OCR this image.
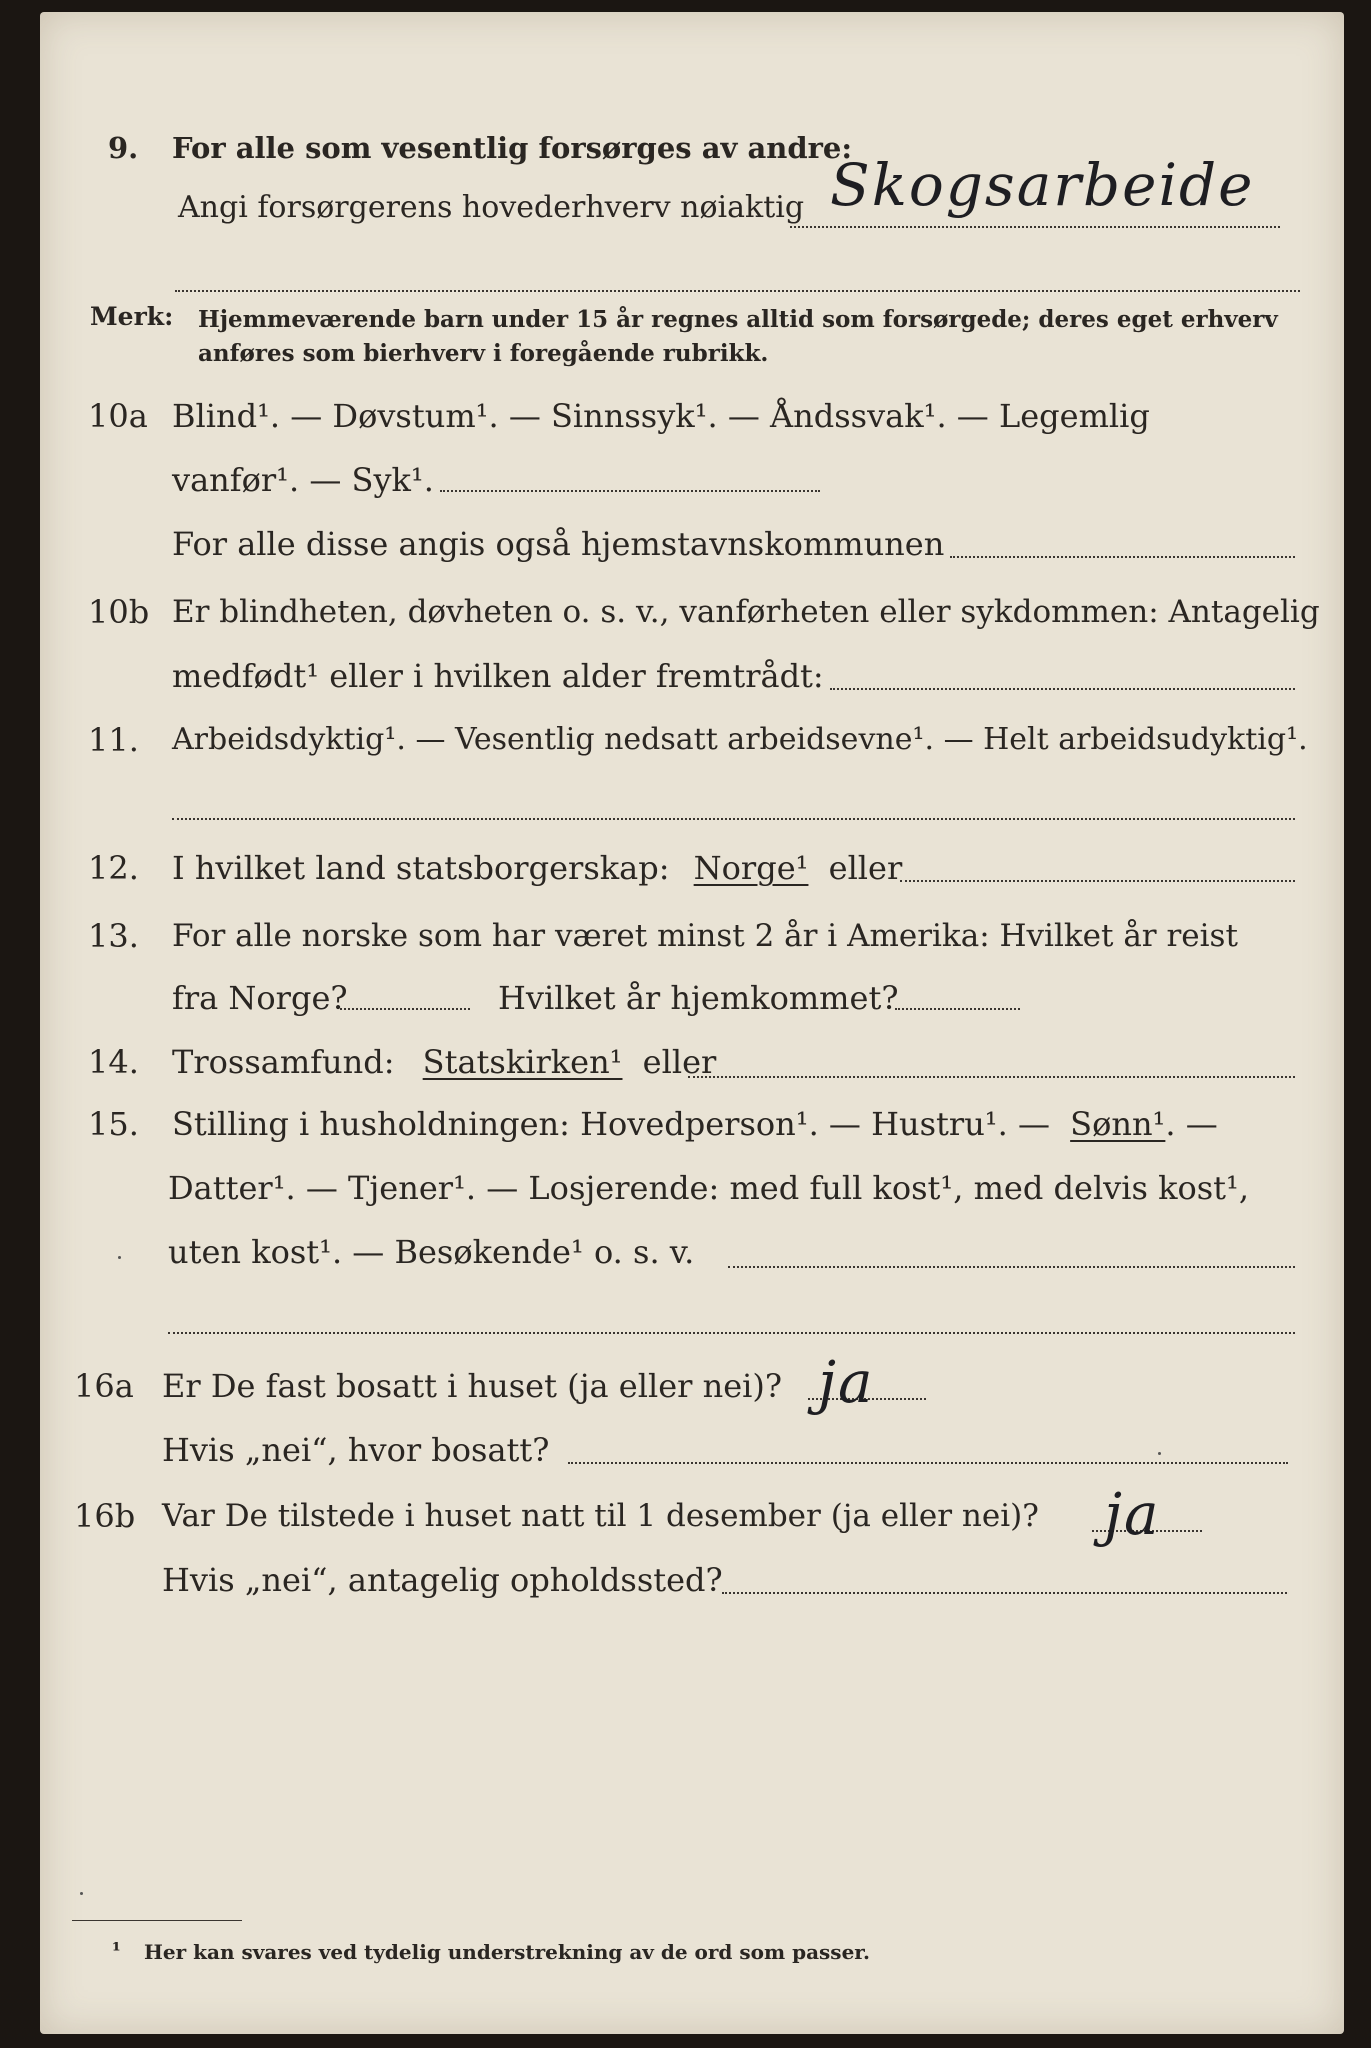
9. For alle som vesentlig forsørges av andre:
Angi forsørgerens hovederhverv nøiaktig Skogsarbeide
Merk: Hjemmeværende barn under 15 år regnes alltid som forsørgede; deres eget erhverv
anføres som bierhverv i foregående rubrikk.
10a Blind¹. — Døvstum¹. — Sinnssyk¹. — Åndssvak¹. — Legemlig
vanfør¹. — Syk¹.
For alle disse angis også hjemstavnskommunen
10b Er blindheten, døvheten o. s. v., vanførheten eller sykdommen: Antagelig
medfødt¹ eller i hvilken alder fremtrådt:
11. Arbeidsdyktig¹. — Vesentlig nedsatt arbeidsevne¹. — Helt arbeidsudyktig¹.
12. I hvilket land statsborgerskap: Norge¹ eller
13. For alle norske som har været minst 2 år i Amerika: Hvilket år reist
fra Norge?	Hvilket år hjemkommet?
14. Trossamfund: Statskirken¹ eller
15. Stilling i husholdningen: Hovedperson¹. — Hustru¹. — Sønn¹. —
Datter¹. — Tjener¹. — Losjerende: med full kost¹, med delvis kost¹,
uten kost¹. — Besøkende¹ o. s. v.
16a Er De fast bosatt i huset (ja eller nei)? ja
Hvis „nei“, hvor bosatt?
16b Var De tilstede i huset natt til 1 desember (ja eller nei)? ja
Hvis „nei“, antagelig opholdssted?
¹ Her kan svares ved tydelig understrekning av de ord som passer.
